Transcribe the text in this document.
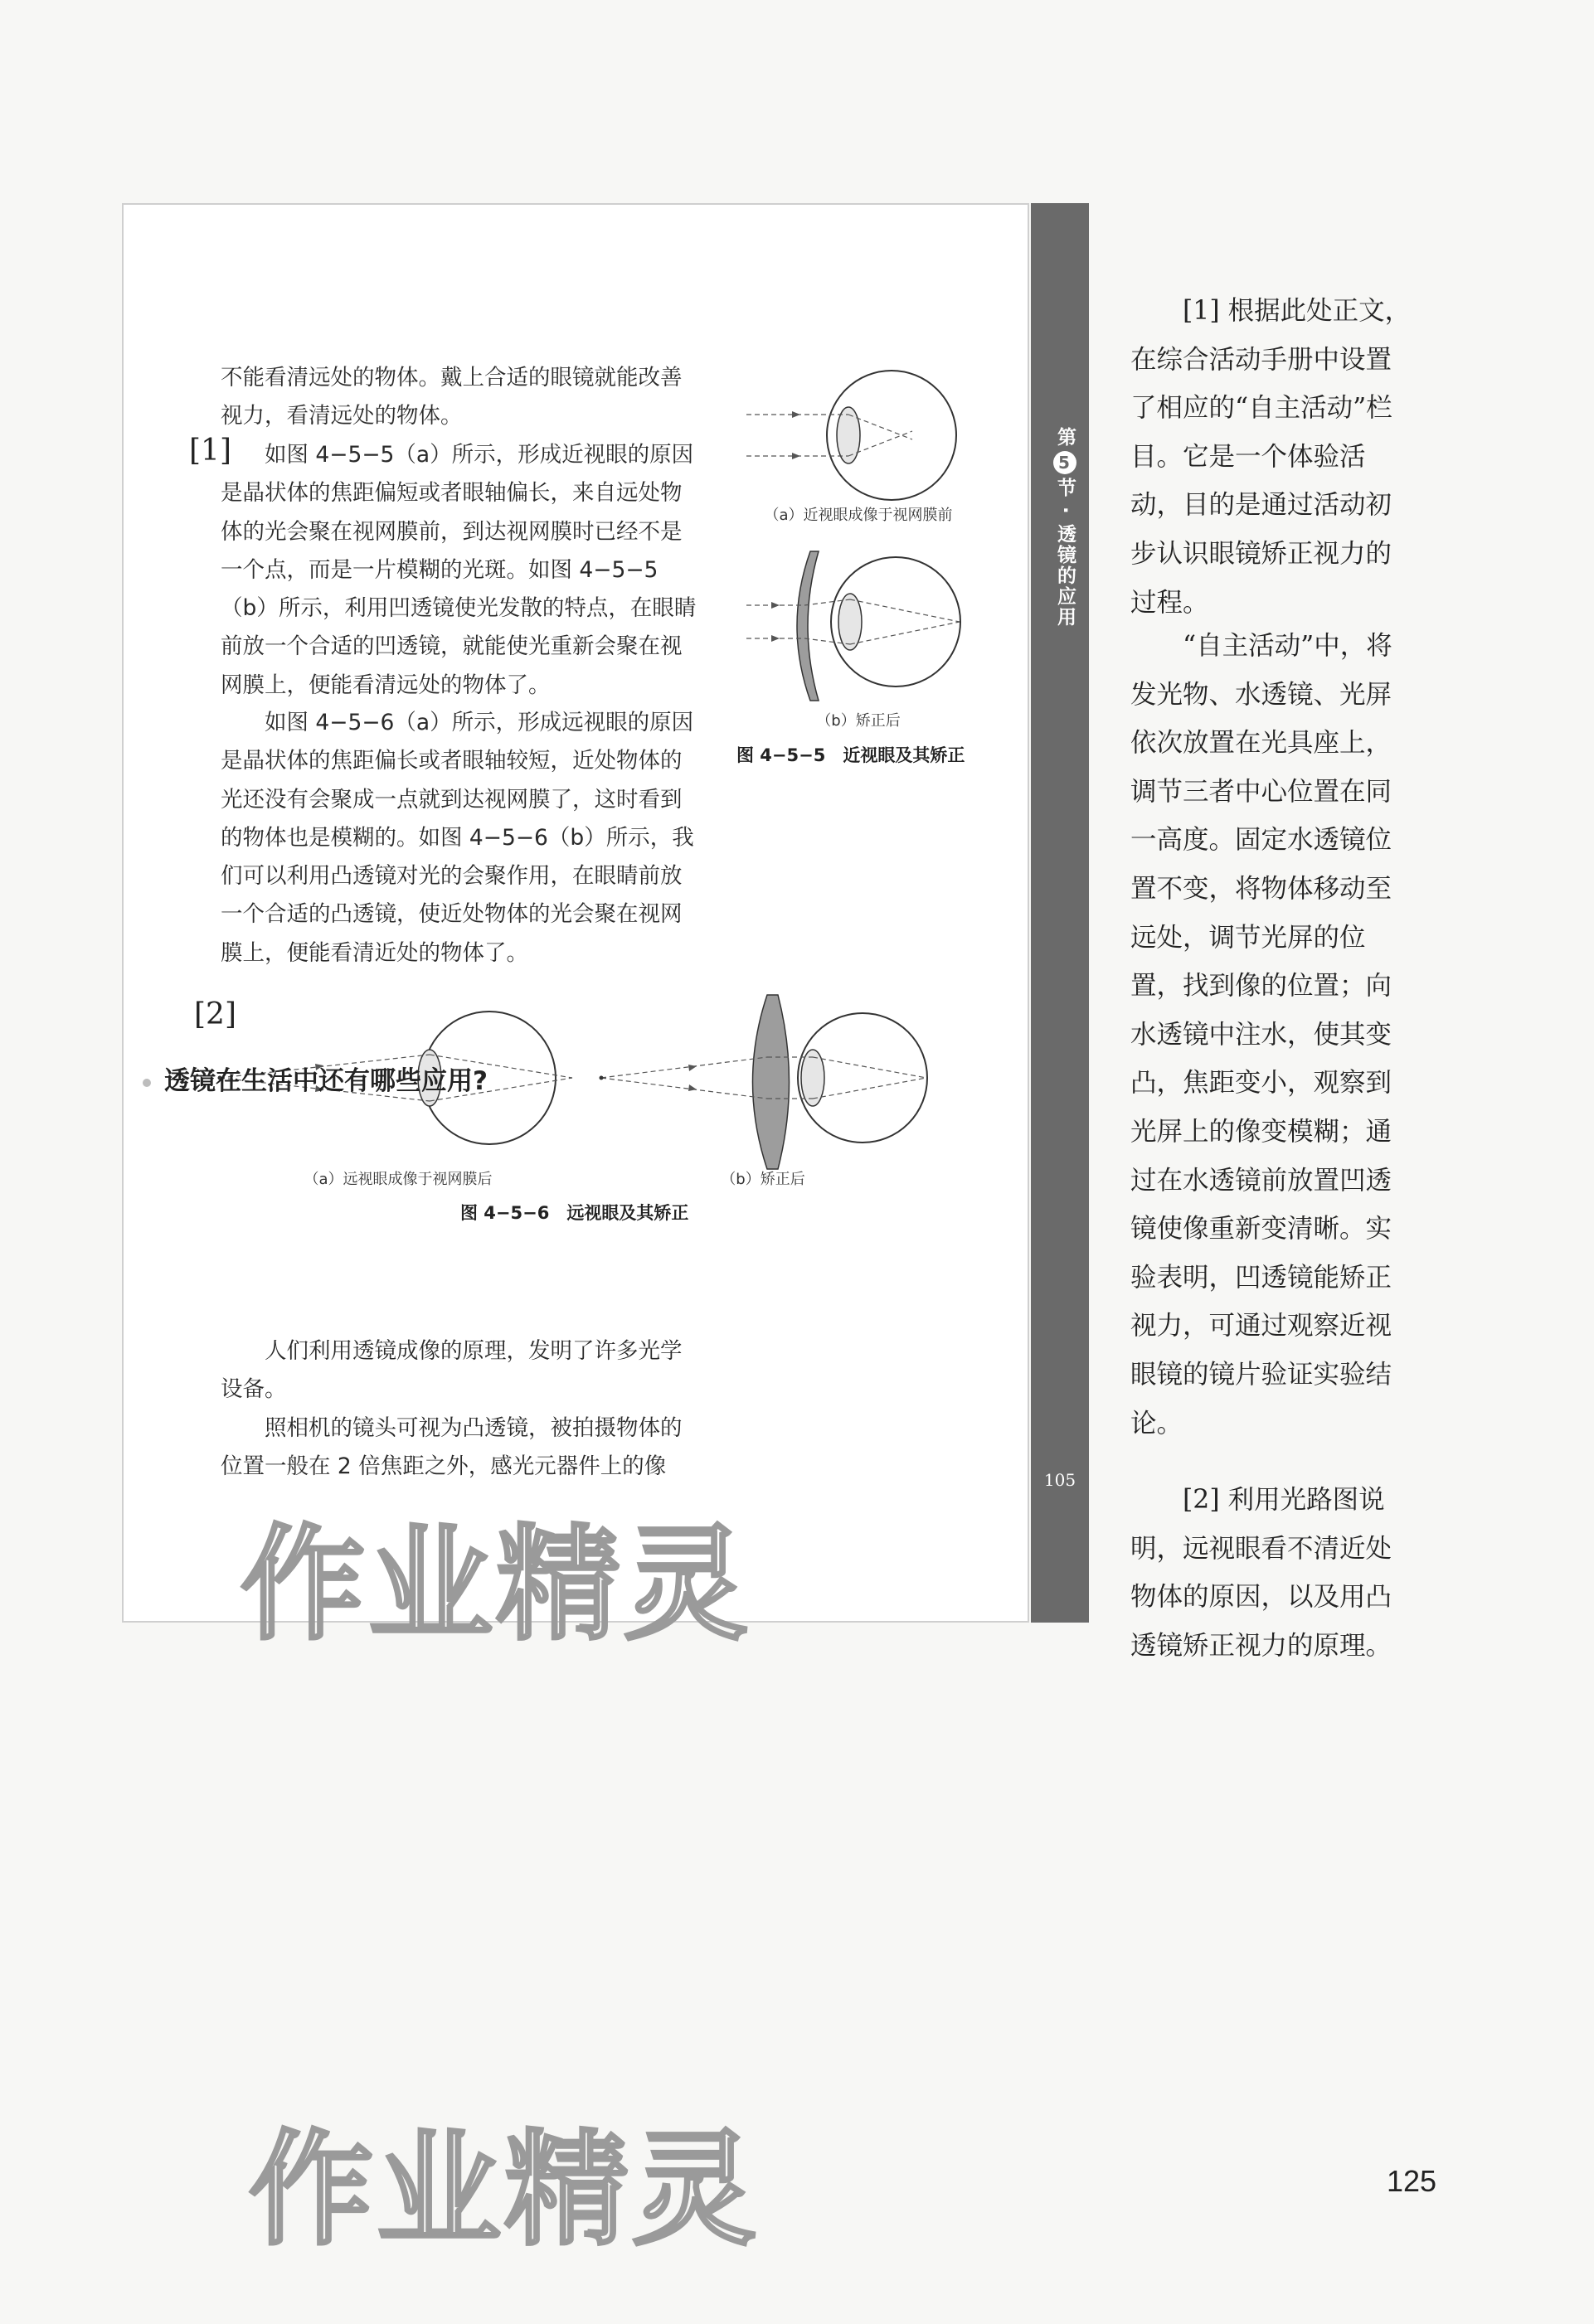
第5节 · 透镜的应用
105

不能看清远处的物体。戴上合适的眼镜就能改善视力，看清远处的物体。

[1]	如图 4−5−5（a）所示，形成近视眼的原因是晶状体的焦距偏短或者眼轴偏长，来自远处物体的光会聚在视网膜前，到达视网膜时已经不是一个点，而是一片模糊的光斑。如图 4−5−5（b）所示，利用凹透镜使光发散的特点，在眼睛前放一个合适的凹透镜，就能使光重新会聚在视网膜上，便能看清远处的物体了。

如图 4−5−6（a）所示，形成远视眼的原因是晶状体的焦距偏长或者眼轴较短，近处物体的光还没有会聚成一点就到达视网膜了，这时看到的物体也是模糊的。如图 4−5−6（b）所示，我们可以利用凸透镜对光的会聚作用，在眼睛前放一个合适的凸透镜，使近处物体的光会聚在视网膜上，便能看清近处的物体了。

[2]
（a）近视眼成像于视网膜前
（b）矫正后
图 4−5−5　近视眼及其矫正
（a）远视眼成像于视网膜后	（b）矫正后
图 4−5−6　远视眼及其矫正
透镜在生活中还有哪些应用?

人们利用透镜成像的原理，发明了许多光学设备。

照相机的镜头可视为凸透镜，被拍摄物体的位置一般在 2 倍焦距之外，感光元器件上的像

作业精灵
作业精灵

[1] 根据此处正文，在综合活动手册中设置了相应的“自主活动”栏目。它是一个体验活动，目的是通过活动初步认识眼镜矫正视力的过程。

“自主活动”中，将发光物、水透镜、光屏依次放置在光具座上，调节三者中心位置在同一高度。固定水透镜位置不变，将物体移动至远处，调节光屏的位置，找到像的位置；向水透镜中注水，使其变凸，焦距变小，观察到光屏上的像变模糊；通过在水透镜前放置凹透镜使像重新变清晰。实验表明，凹透镜能矫正视力，可通过观察近视眼镜的镜片验证实验结论。

[2] 利用光路图说明，远视眼看不清近处物体的原因，以及用凸透镜矫正视力的原理。

125
